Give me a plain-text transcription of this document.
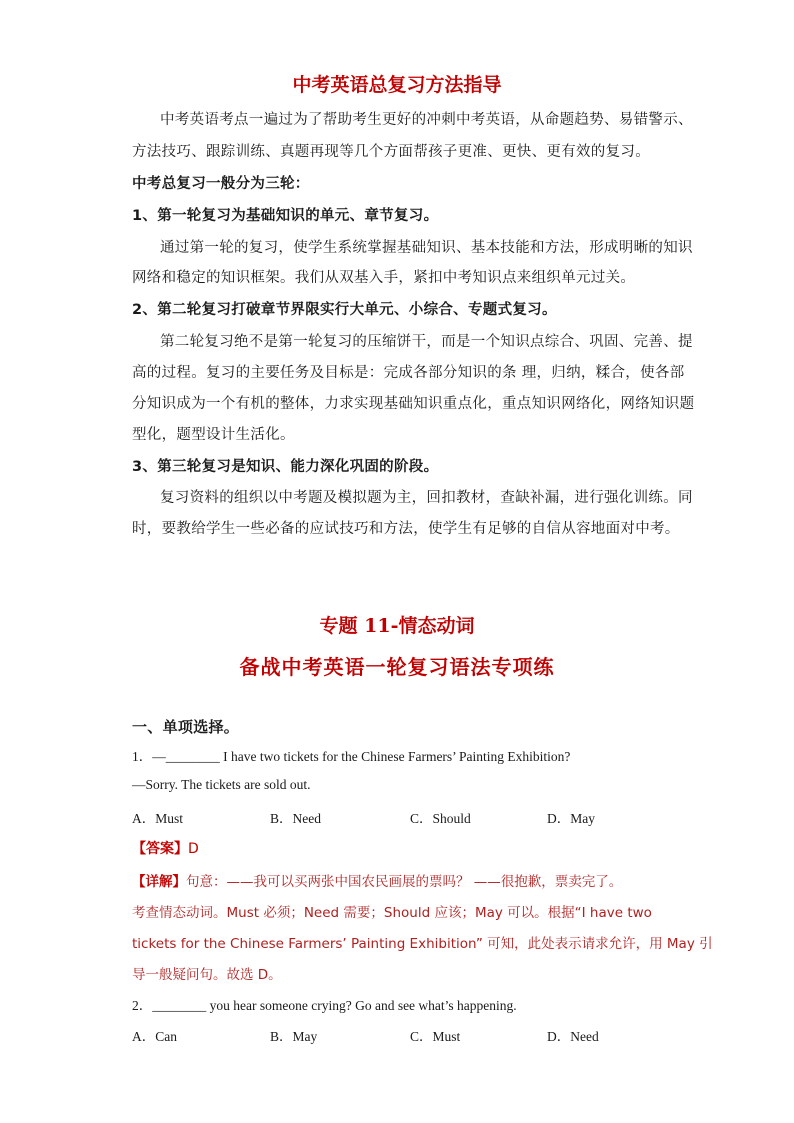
中考英语总复习方法指导
中考英语考点一遍过为了帮助考生更好的冲刺中考英语，从命题趋势、易错警示、
方法技巧、跟踪训练、真题再现等几个方面帮孩子更准、更快、更有效的复习。
中考总复习一般分为三轮：
1、第一轮复习为基础知识的单元、章节复习。
通过第一轮的复习，使学生系统掌握基础知识、基本技能和方法，形成明晰的知识
网络和稳定的知识框架。我们从双基入手，紧扣中考知识点来组织单元过关。
2、第二轮复习打破章节界限实行大单元、小综合、专题式复习。
第二轮复习绝不是第一轮复习的压缩饼干，而是一个知识点综合、巩固、完善、提
高的过程。复习的主要任务及目标是：完成各部分知识的条 理，归纳，糅合，使各部
分知识成为一个有机的整体，力求实现基础知识重点化，重点知识网络化，网络知识题
型化，题型设计生活化。
3、第三轮复习是知识、能力深化巩固的阶段。
复习资料的组织以中考题及模拟题为主，回扣教材，查缺补漏，进行强化训练。同
时，要教给学生一些必备的应试技巧和方法，使学生有足够的自信从容地面对中考。
专题 11-情态动词
备战中考英语一轮复习语法专项练
一、单项选择。
1．—________ I have two tickets for the Chinese Farmers’ Painting Exhibition?
—Sorry. The tickets are sold out.
A．Must	B．Need	C．Should	D．May
【答案】D
【详解】句意：——我可以买两张中国农民画展的票吗？ ——很抱歉，票卖完了。
考查情态动词。Must 必须；Need 需要；Should 应该；May 可以。根据“I have two
tickets for the Chinese Farmers’ Painting Exhibition” 可知，此处表示请求允许，用 May 引
导一般疑问句。故选 D。
2．________ you hear someone crying? Go and see what’s happening.
A．Can	B．May	C．Must	D．Need
